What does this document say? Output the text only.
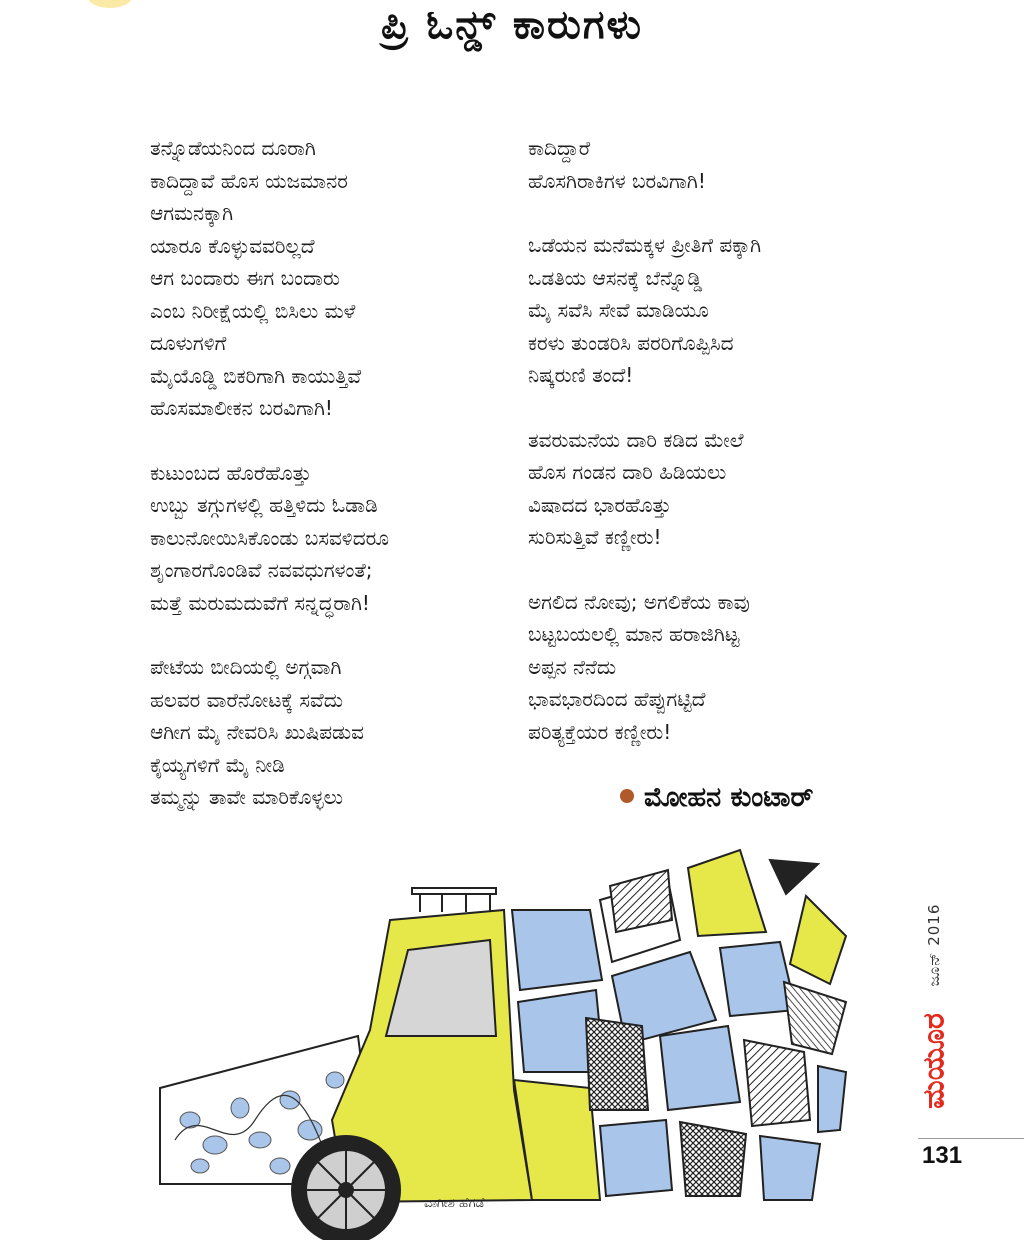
ಪ್ರಿ ಓನ್ಡ್ ಕಾರುಗಳು
ತನ್ನೊಡೆಯನಿಂದ ದೂರಾಗಿ
ಕಾದಿದ್ದಾವೆ ಹೊಸ ಯಜಮಾನರ
ಆಗಮನಕ್ಕಾಗಿ
ಯಾರೂ ಕೊಳ್ಳುವವರಿಲ್ಲದೆ
ಆಗ ಬಂದಾರು ಈಗ ಬಂದಾರು
ಎಂಬ ನಿರೀಕ್ಷೆಯಲ್ಲಿ ಬಿಸಿಲು ಮಳೆ
ದೂಳುಗಳಿಗೆ
ಮೈಯೊಡ್ಡಿ ಬಿಕರಿಗಾಗಿ ಕಾಯುತ್ತಿವೆ
ಹೊಸಮಾಲೀಕನ ಬರವಿಗಾಗಿ!
ಕುಟುಂಬದ ಹೊರೆಹೊತ್ತು
ಉಬ್ಬು ತಗ್ಗುಗಳಲ್ಲಿ ಹತ್ತಿಳಿದು ಓಡಾಡಿ
ಕಾಲುನೋಯಿಸಿಕೊಂಡು ಬಸವಳಿದರೂ
ಶೃಂಗಾರಗೊಂಡಿವೆ ನವವಧುಗಳಂತೆ;
ಮತ್ತೆ ಮರುಮದುವೆಗೆ ಸನ್ನದ್ಧರಾಗಿ!
ಪೇಟೆಯ ಬೀದಿಯಲ್ಲಿ ಅಗ್ಗವಾಗಿ
ಹಲವರ ವಾರೆನೋಟಕ್ಕೆ ಸವೆದು
ಆಗೀಗ ಮೈ ನೇವರಿಸಿ ಖುಷಿಪಡುವ
ಕೈಯ್ಯಗಳಿಗೆ ಮೈ ನೀಡಿ
ತಮ್ಮನ್ನು ತಾವೇ ಮಾರಿಕೊಳ್ಳಲು
ಕಾದಿದ್ದಾರೆ
ಹೊಸಗಿರಾಕಿಗಳ ಬರವಿಗಾಗಿ!
ಒಡೆಯನ ಮನೆಮಕ್ಕಳ ಪ್ರೀತಿಗೆ ಪಕ್ಕಾಗಿ
ಒಡತಿಯ ಆಸನಕ್ಕೆ ಬೆನ್ನೊಡ್ಡಿ
ಮೈ ಸವೆಸಿ ಸೇವೆ ಮಾಡಿಯೂ
ಕರಳು ತುಂಡರಿಸಿ ಪರರಿಗೊಪ್ಪಿಸಿದ
ನಿಷ್ಕರುಣಿ ತಂದೆ!
ತವರುಮನೆಯ ದಾರಿ ಕಡಿದ ಮೇಲೆ
ಹೊಸ ಗಂಡನ ದಾರಿ ಹಿಡಿಯಲು
ವಿಷಾದದ ಭಾರಹೊತ್ತು
ಸುರಿಸುತ್ತಿವೆ ಕಣ್ಣೀರು!
ಅಗಲಿದ ನೋವು; ಅಗಲಿಕೆಯ ಕಾವು
ಬಟ್ಟಬಯಲಲ್ಲಿ ಮಾನ ಹರಾಜಿಗಿಟ್ಟ
ಅಪ್ಪನ ನೆನೆದು
ಭಾವಭಾರದಿಂದ ಹೆಪ್ಪುಗಟ್ಟಿದೆ
ಪರಿತ್ಯಕ್ತೆಯರ ಕಣ್ಣೀರು!
ಮೋಹನ ಕುಂಟಾರ್
ವಾಗೀಶ ಹೆಗಡೆ
ಜೂನ್ 2016
ಮಯೂರ
131
